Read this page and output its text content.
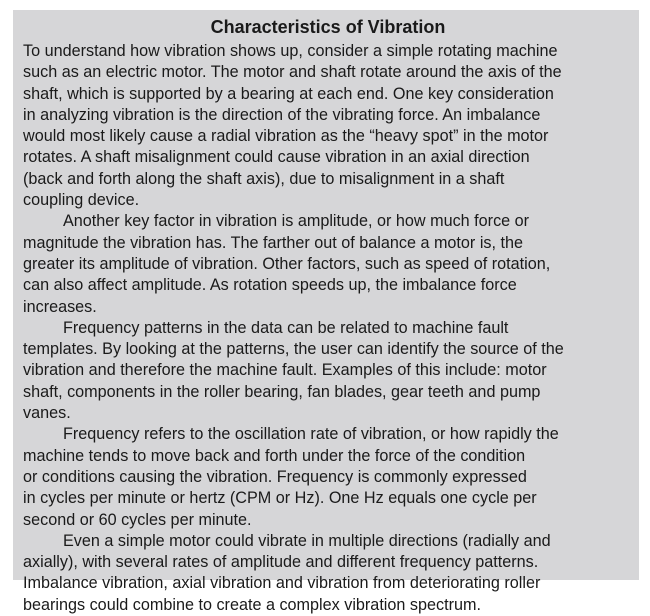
Characteristics of Vibration

To understand how vibration shows up, consider a simple rotating machine
such as an electric motor. The motor and shaft rotate around the axis of the
shaft, which is supported by a bearing at each end. One key consideration
in analyzing vibration is the direction of the vibrating force. An imbalance
would most likely cause a radial vibration as the “heavy spot” in the motor
rotates. A shaft misalignment could cause vibration in an axial direction
(back and forth along the shaft axis), due to misalignment in a shaft
coupling device.

Another key factor in vibration is amplitude, or how much force or
magnitude the vibration has. The farther out of balance a motor is, the
greater its amplitude of vibration. Other factors, such as speed of rotation,
can also affect amplitude. As rotation speeds up, the imbalance force
increases.

Frequency patterns in the data can be related to machine fault
templates. By looking at the patterns, the user can identify the source of the
vibration and therefore the machine fault. Examples of this include: motor
shaft, components in the roller bearing, fan blades, gear teeth and pump
vanes.

Frequency refers to the oscillation rate of vibration, or how rapidly the
machine tends to move back and forth under the force of the condition
or conditions causing the vibration. Frequency is commonly expressed
in cycles per minute or hertz (CPM or Hz). One Hz equals one cycle per
second or 60 cycles per minute.

Even a simple motor could vibrate in multiple directions (radially and
axially), with several rates of amplitude and different frequency patterns.
Imbalance vibration, axial vibration and vibration from deteriorating roller
bearings could combine to create a complex vibration spectrum.
